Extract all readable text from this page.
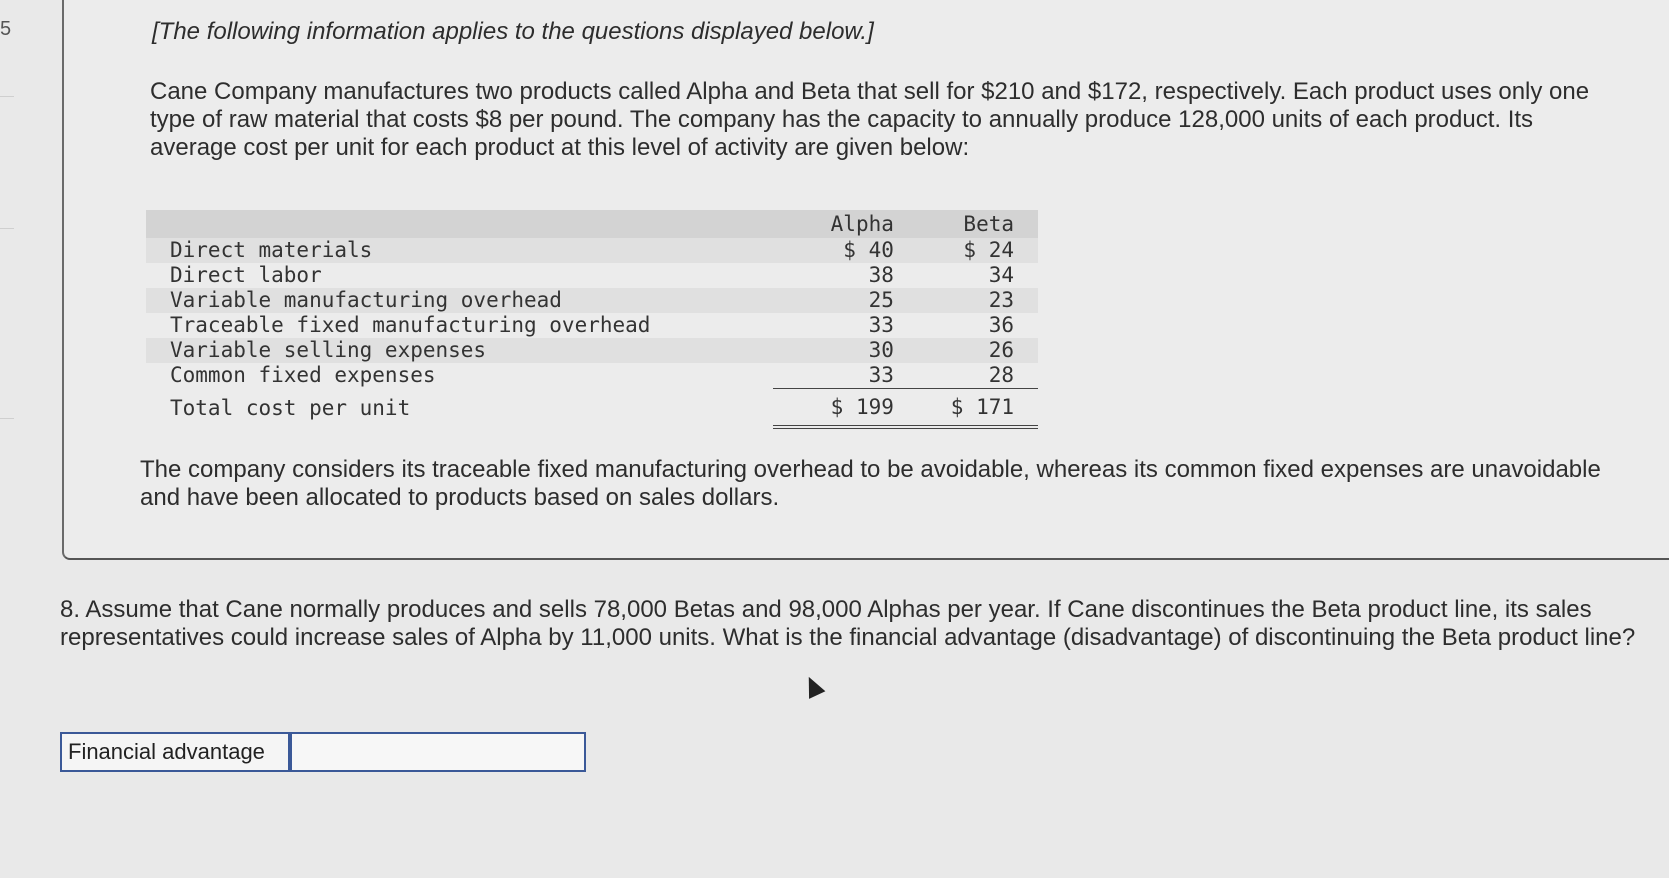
5	[The following information applies to the questions displayed below.]
Cane Company manufactures two products called Alpha and Beta that sell for $210 and $172, respectively. Each product uses only one type of raw material that costs $8 per pound. The company has the capacity to annually produce 128,000 units of each product. Its average cost per unit for each product at this level of activity are given below:
	Alpha	Beta
Direct materials	$ 40	$ 24
Direct labor	38	34
Variable manufacturing overhead	25	23
Traceable fixed manufacturing overhead	33	36
Variable selling expenses	30	26
Common fixed expenses	33	28
Total cost per unit	$ 199	$ 171
The company considers its traceable fixed manufacturing overhead to be avoidable, whereas its common fixed expenses are unavoidable and have been allocated to products based on sales dollars.
8. Assume that Cane normally produces and sells 78,000 Betas and 98,000 Alphas per year. If Cane discontinues the Beta product line, its sales representatives could increase sales of Alpha by 11,000 units. What is the financial advantage (disadvantage) of discontinuing the Beta product line?
Financial advantage
